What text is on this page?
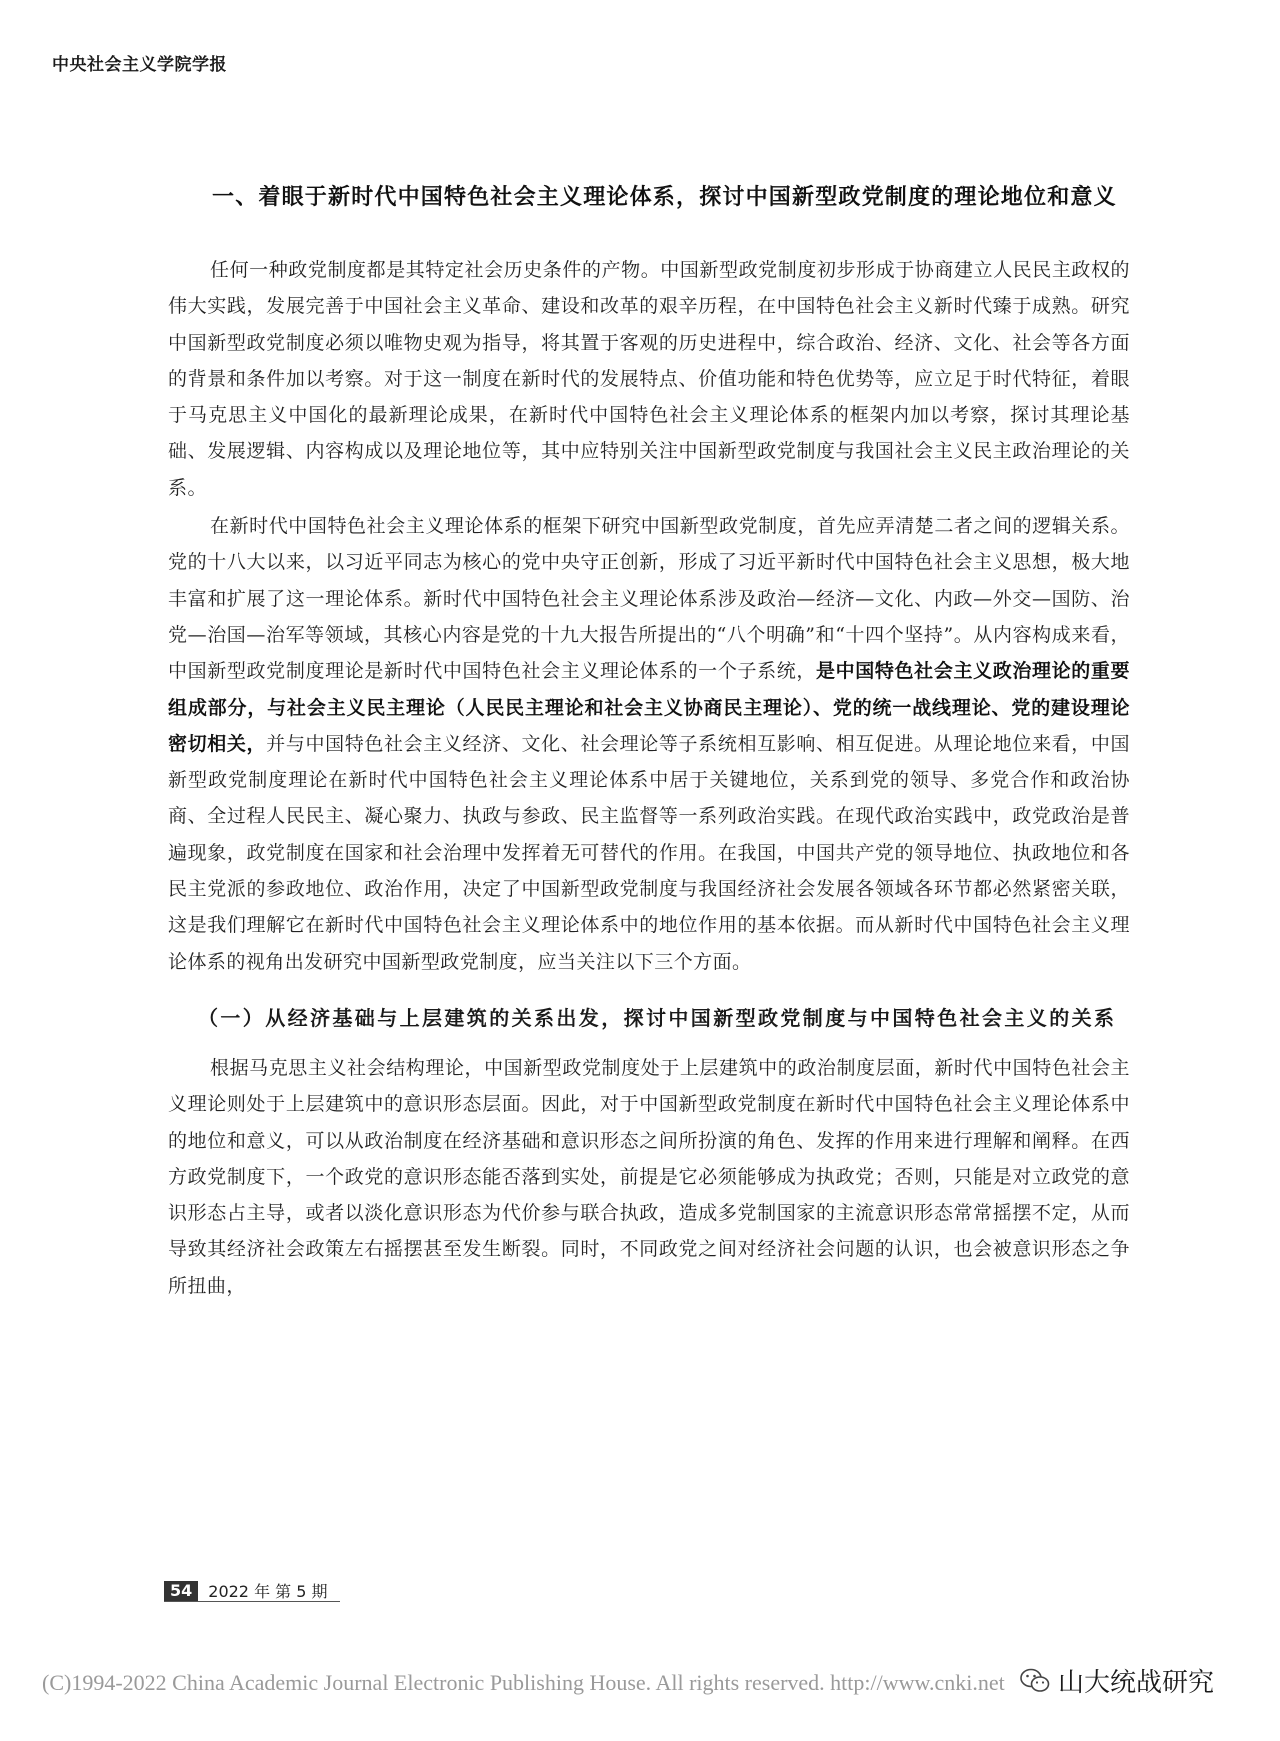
中央社会主义学院学报
一、着眼于新时代中国特色社会主义理论体系，探讨中国新型政党制度的理论地位和意义

任何一种政党制度都是其特定社会历史条件的产物。中国新型政党制度初步形成于协商建立人民民主政权的伟大实践，发展完善于中国社会主义革命、建设和改革的艰辛历程，在中国特色社会主义新时代臻于成熟。研究中国新型政党制度必须以唯物史观为指导，将其置于客观的历史进程中，综合政治、经济、文化、社会等各方面的背景和条件加以考察。对于这一制度在新时代的发展特点、价值功能和特色优势等，应立足于时代特征，着眼于马克思主义中国化的最新理论成果，在新时代中国特色社会主义理论体系的框架内加以考察，探讨其理论基础、发展逻辑、内容构成以及理论地位等，其中应特别关注中国新型政党制度与我国社会主义民主政治理论的关系。

在新时代中国特色社会主义理论体系的框架下研究中国新型政党制度，首先应弄清楚二者之间的逻辑关系。党的十八大以来，以习近平同志为核心的党中央守正创新，形成了习近平新时代中国特色社会主义思想，极大地丰富和扩展了这一理论体系。新时代中国特色社会主义理论体系涉及政治—经济—文化、内政—外交—国防、治党—治国—治军等领域，其核心内容是党的十九大报告所提出的“八个明确”和“十四个坚持”。从内容构成来看，中国新型政党制度理论是新时代中国特色社会主义理论体系的一个子系统，是中国特色社会主义政治理论的重要组成部分，与社会主义民主理论（人民民主理论和社会主义协商民主理论）、党的统一战线理论、党的建设理论密切相关，并与中国特色社会主义经济、文化、社会理论等子系统相互影响、相互促进。从理论地位来看，中国新型政党制度理论在新时代中国特色社会主义理论体系中居于关键地位，关系到党的领导、多党合作和政治协商、全过程人民民主、凝心聚力、执政与参政、民主监督等一系列政治实践。在现代政治实践中，政党政治是普遍现象，政党制度在国家和社会治理中发挥着无可替代的作用。在我国，中国共产党的领导地位、执政地位和各民主党派的参政地位、政治作用，决定了中国新型政党制度与我国经济社会发展各领域各环节都必然紧密关联，这是我们理解它在新时代中国特色社会主义理论体系中的地位作用的基本依据。而从新时代中国特色社会主义理论体系的视角出发研究中国新型政党制度，应当关注以下三个方面。

（一）从经济基础与上层建筑的关系出发，探讨中国新型政党制度与中国特色社会主义的关系

根据马克思主义社会结构理论，中国新型政党制度处于上层建筑中的政治制度层面，新时代中国特色社会主义理论则处于上层建筑中的意识形态层面。因此，对于中国新型政党制度在新时代中国特色社会主义理论体系中的地位和意义，可以从政治制度在经济基础和意识形态之间所扮演的角色、发挥的作用来进行理解和阐释。在西方政党制度下，一个政党的意识形态能否落到实处，前提是它必须能够成为执政党；否则，只能是对立政党的意识形态占主导，或者以淡化意识形态为代价参与联合执政，造成多党制国家的主流意识形态常常摇摆不定，从而导致其经济社会政策左右摇摆甚至发生断裂。同时，不同政党之间对经济社会问题的认识，也会被意识形态之争所扭曲，

54	2022 年 第 5 期
(C)1994-2022 China Academic Journal Electronic Publishing House. All rights reserved. http://www.cnki.net 山大统战研究
